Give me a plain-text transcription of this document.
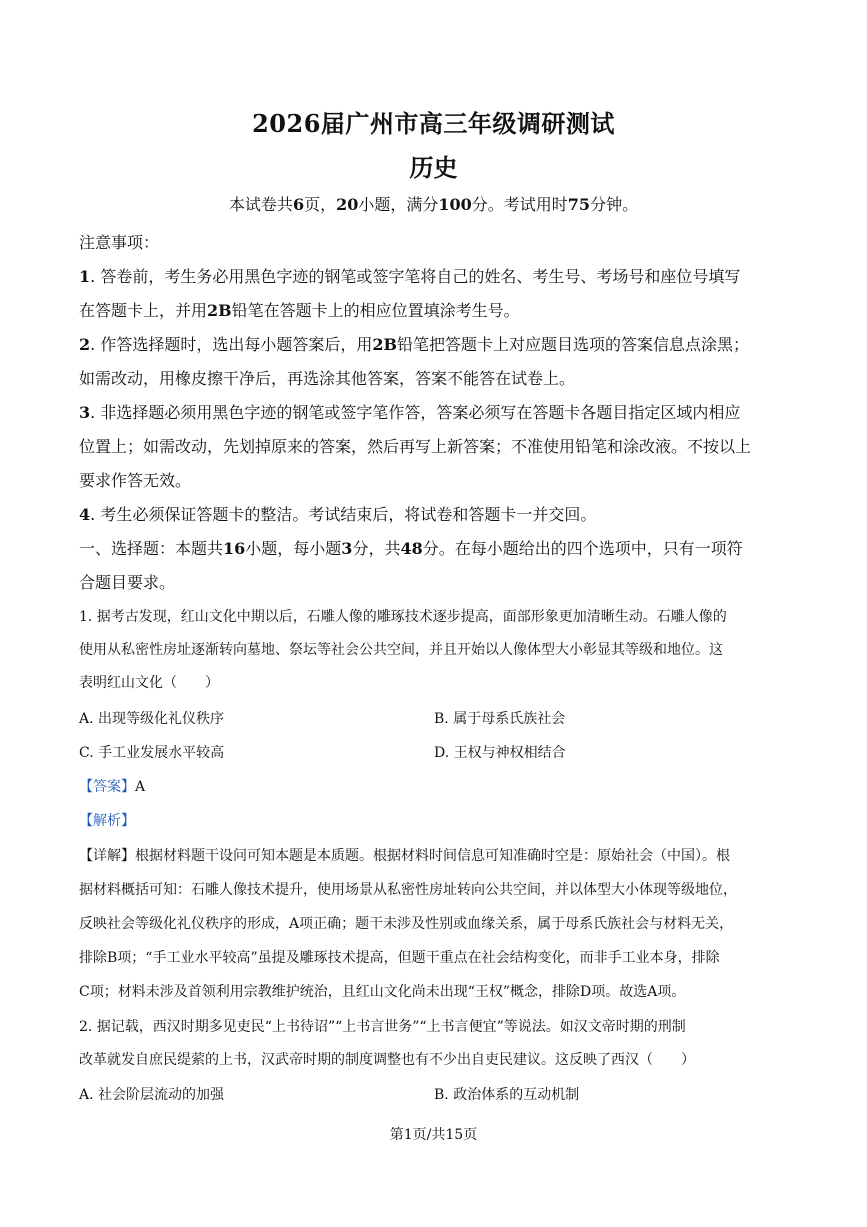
2026届广州市高三年级调研测试
历史
本试卷共6页，20小题，满分100分。考试用时75分钟。
注意事项：
1. 答卷前，考生务必用黑色字迹的钢笔或签字笔将自己的姓名、考生号、考场号和座位号填写
在答题卡上，并用2B铅笔在答题卡上的相应位置填涂考生号。
2. 作答选择题时，选出每小题答案后，用2B铅笔把答题卡上对应题目选项的答案信息点涂黑；
如需改动，用橡皮擦干净后，再选涂其他答案，答案不能答在试卷上。
3. 非选择题必须用黑色字迹的钢笔或签字笔作答，答案必须写在答题卡各题目指定区域内相应
位置上；如需改动，先划掉原来的答案，然后再写上新答案；不准使用铅笔和涂改液。不按以上
要求作答无效。
4. 考生必须保证答题卡的整洁。考试结束后，将试卷和答题卡一并交回。
一、选择题：本题共16小题，每小题3分，共48分。在每小题给出的四个选项中，只有一项符
合题目要求。
1. 据考古发现，红山文化中期以后，石雕人像的雕琢技术逐步提高，面部形象更加清晰生动。石雕人像的
使用从私密性房址逐渐转向墓地、祭坛等社会公共空间，并且开始以人像体型大小彰显其等级和地位。这
表明红山文化（　　）
A. 出现等级化礼仪秩序	B. 属于母系氏族社会
C. 手工业发展水平较高	D. 王权与神权相结合
【答案】A
【解析】
【详解】根据材料题干设问可知本题是本质题。根据材料时间信息可知准确时空是：原始社会（中国）。根
据材料概括可知：石雕人像技术提升，使用场景从私密性房址转向公共空间，并以体型大小体现等级地位，
反映社会等级化礼仪秩序的形成，A项正确；题干未涉及性别或血缘关系，属于母系氏族社会与材料无关，
排除B项；“手工业水平较高”虽提及雕琢技术提高，但题干重点在社会结构变化，而非手工业本身，排除
C项；材料未涉及首领利用宗教维护统治，且红山文化尚未出现“王权”概念，排除D项。故选A项。
2. 据记载，西汉时期多见吏民“上书待诏”“上书言世务”“上书言便宜”等说法。如汉文帝时期的刑制
改革就发自庶民缇萦的上书，汉武帝时期的制度调整也有不少出自吏民建议。这反映了西汉（　　）
A. 社会阶层流动的加强	B. 政治体系的互动机制
第1页/共15页
